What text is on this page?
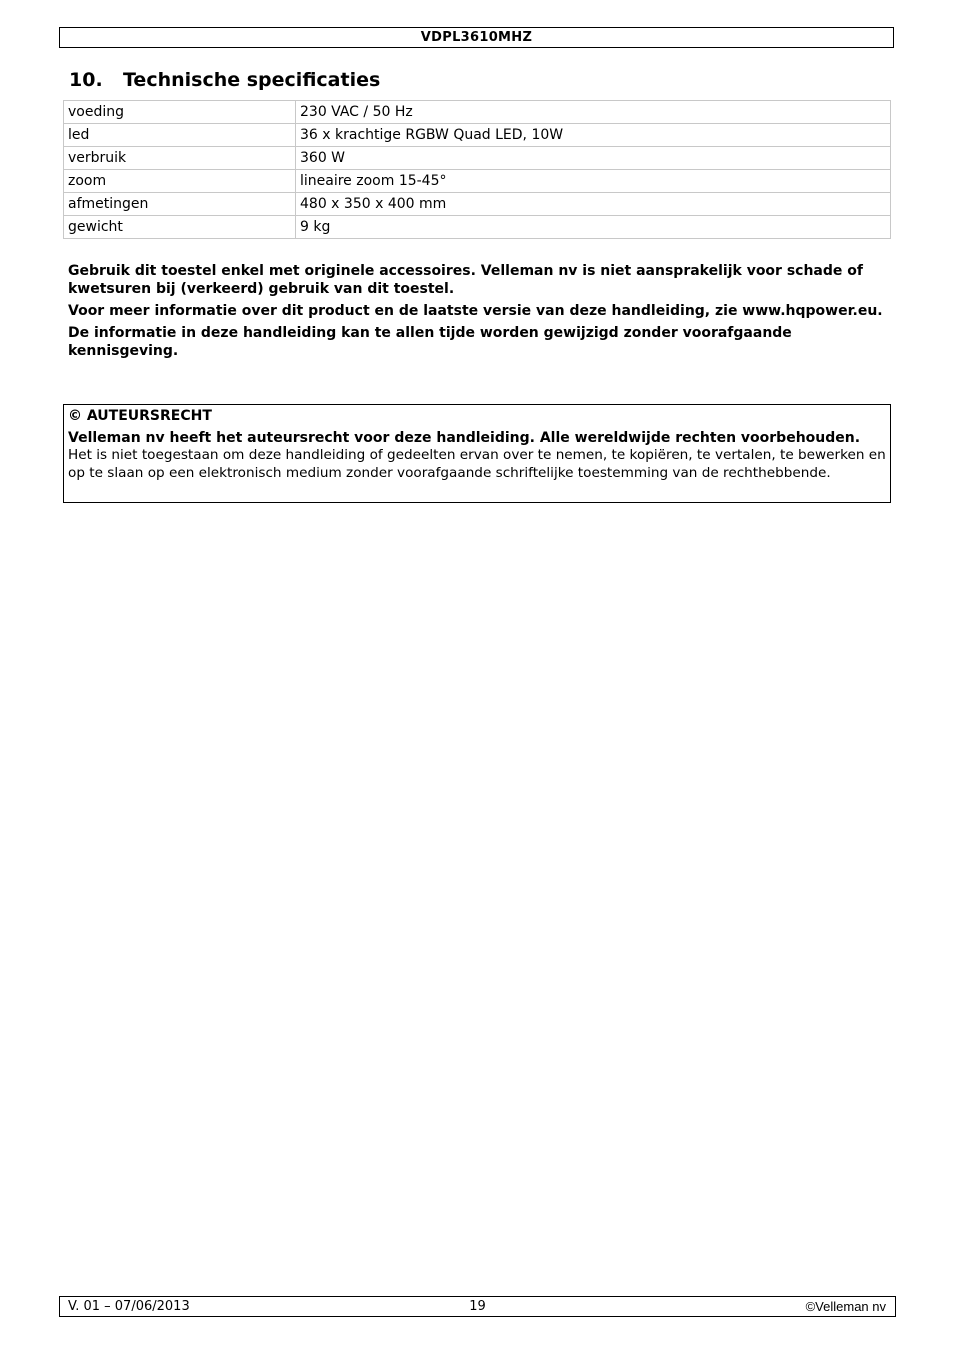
VDPL3610MHZ
10. Technische specificaties
voeding	230 VAC / 50 Hz
led	36 x krachtige RGBW Quad LED, 10W
verbruik	360 W
zoom	lineaire zoom 15-45°
afmetingen	480 x 350 x 400 mm
gewicht	9 kg

Gebruik dit toestel enkel met originele accessoires. Velleman nv is niet aansprakelijk voor schade of kwetsuren bij (verkeerd) gebruik van dit toestel.

Voor meer informatie over dit product en de laatste versie van deze handleiding, zie www.hqpower.eu.

De informatie in deze handleiding kan te allen tijde worden gewijzigd zonder voorafgaande kennisgeving.

© AUTEURSRECHT
Velleman nv heeft het auteursrecht voor deze handleiding. Alle wereldwijde rechten voorbehouden.
Het is niet toegestaan om deze handleiding of gedeelten ervan over te nemen, te kopiëren, te vertalen, te bewerken en op te slaan op een elektronisch medium zonder voorafgaande schriftelijke toestemming van de rechthebbende.
V. 01 – 07/06/2013	19	©Velleman nv
